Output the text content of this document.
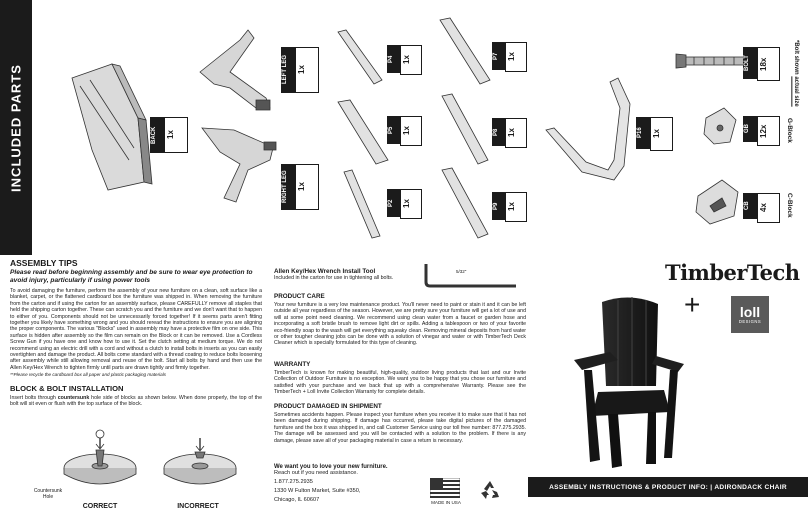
INCLUDED PARTS	BACK	1x
LEFT LEG	1x
RIGHT LEG	1x
P4	1x
P5	1x
P2	1x
P7	1x
P8	1x
P9	1x
P16	1x
BOLT	18x	*Bolt shown actual size
GB	12x	G-Block
CB	4x	C-Block

ASSEMBLY TIPS

Please read before beginning assembly and be sure to wear eye protection to avoid injury, particularly if using power tools

To avoid damaging the furniture, perform the assembly of your new furniture on a clean, soft surface like a blanket, carpet, or the flattened cardboard box the furniture was shipped in. When removing the furniture from the carton and if using the carton for an assembly surface, please CAREFULLY remove all staples that held the shipping carton together. These can scratch you and the furniture and we don't want that to happen to either of you. Components should not be unnecessarily forced together! If it seems parts aren't fitting together you likely have something wrong and you should reread the instructions to ensure you are aligning the proper components. The various "Blocks" used in assembly may have a protective film on one side. This surface is hidden after assembly so the film can remain on the Block or it can be removed. Use a Cordless Screw Gun if you have one and know how to use it. Set the clutch setting at medium torque. We do not recommend using an electric drill with a cord and without a clutch to install bolts in inserts as you can easily overtighten and damage the product. All bolts come standard with a thread coating to reduce bolts loosening after assembly while still allowing removal and reuse of the bolt. Start all bolts by hand and then use the Allen Key/Hex Wrench to tighten firmly until parts are drawn tightly and firmly together.

**Please recycle the cardboard box all paper and plastic packaging materials

BLOCK & BOLT INSTALLATION

Insert bolts through countersunk hole side of blocks as shown below. When done properly, the top of the bolt will sit even or flush with the top surface of the block.

Countersunk Hole
CORRECT	INCORRECT

Allen Key/Hex Wrench Install Tool

Included in the carton for use in tightening all bolts.

5/32"

PRODUCT CARE

Your new furniture is a very low maintenance product. You'll never need to paint or stain it and it can be left outside all year regardless of the season. However, we are pretty sure your furniture will get a lot of use and will at some point need cleaning. We recommend using clean water from a faucet or garden hose and incorporating a soft bristle brush to remove light dirt or spills. Adding a tablespoon or two of your favorite eco-friendly soap to the wash will get everything squeaky clean. Removing mineral deposits from hard water or other tougher cleaning jobs can be done with a solution of vinegar and water or with TimberTech Deck Cleaner which is specially formulated for this type of cleaning.

WARRANTY

TimberTech is known for making beautiful, high-quality, outdoor living products that last and our Invite Collection of Outdoor Furniture is no exception. We want you to be happy that you chose our furniture and satisfied with your purchase and we back that up with a comprehensive Warranty. Please see the TimberTech + Loll Invite Collection Warranty for complete details.

PRODUCT DAMAGED IN SHIPMENT

Sometimes accidents happen. Please inspect your furniture when you receive it to make sure that it has not been damaged during shipping. If damage has occurred, please take digital pictures of the damaged furniture and the box it was shipped in, and call Customer Service using our toll free number: 877.275.2935. The damage will be assessed and you will be contacted with a solution to the problem. If there is any damage, please save all of your packaging material in case a return is necessary.

We want you to love your new furniture.

Reach out if you need assistance.

1.877.275.2935

1330 W Fulton Market, Suite #350,

Chicago, IL 60607	MADE IN USA
TimberTech
+	loll
DESIGNS
ASSEMBLY INSTRUCTIONS & PRODUCT INFO: | ADIRONDACK CHAIR
